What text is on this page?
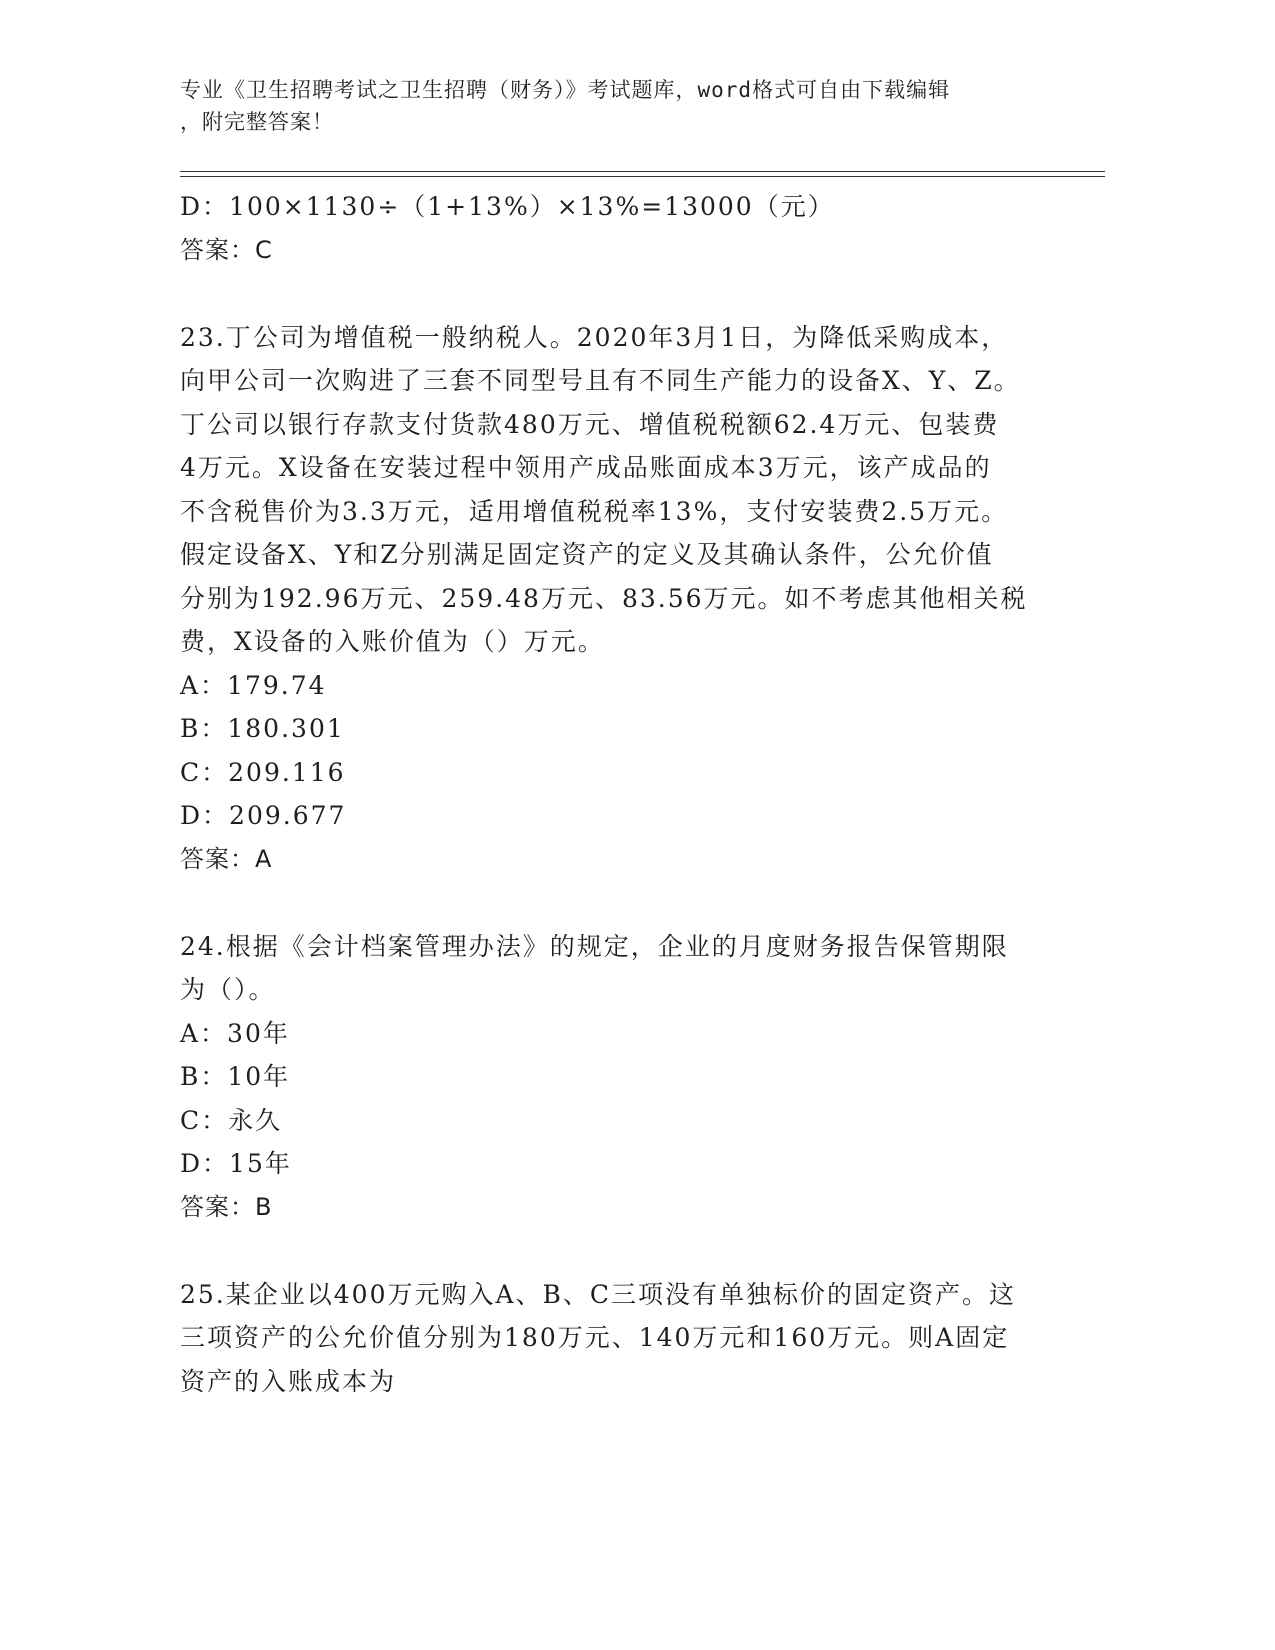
专业《卫生招聘考试之卫生招聘（财务）》考试题库，word格式可自由下载编辑
，附完整答案！
D：100×1130÷（1+13%）×13%=13000（元）
答案：C
23.丁公司为增值税一般纳税人。2020年3月1日，为降低采购成本，
向甲公司一次购进了三套不同型号且有不同生产能力的设备X、Y、Z。
丁公司以银行存款支付货款480万元、增值税税额62.4万元、包装费
4万元。X设备在安装过程中领用产成品账面成本3万元，该产成品的
不含税售价为3.3万元，适用增值税税率13%，支付安装费2.5万元。
假定设备X、Y和Z分别满足固定资产的定义及其确认条件，公允价值
分别为192.96万元、259.48万元、83.56万元。如不考虑其他相关税
费，X设备的入账价值为（）万元。
A：179.74
B：180.301
C：209.116
D：209.677
答案：A
24.根据《会计档案管理办法》的规定，企业的月度财务报告保管期限
为（）。
A：30年
B：10年
C：永久
D：15年
答案：B
25.某企业以400万元购入A、B、C三项没有单独标价的固定资产。这
三项资产的公允价值分别为180万元、140万元和160万元。则A固定
资产的入账成本为
